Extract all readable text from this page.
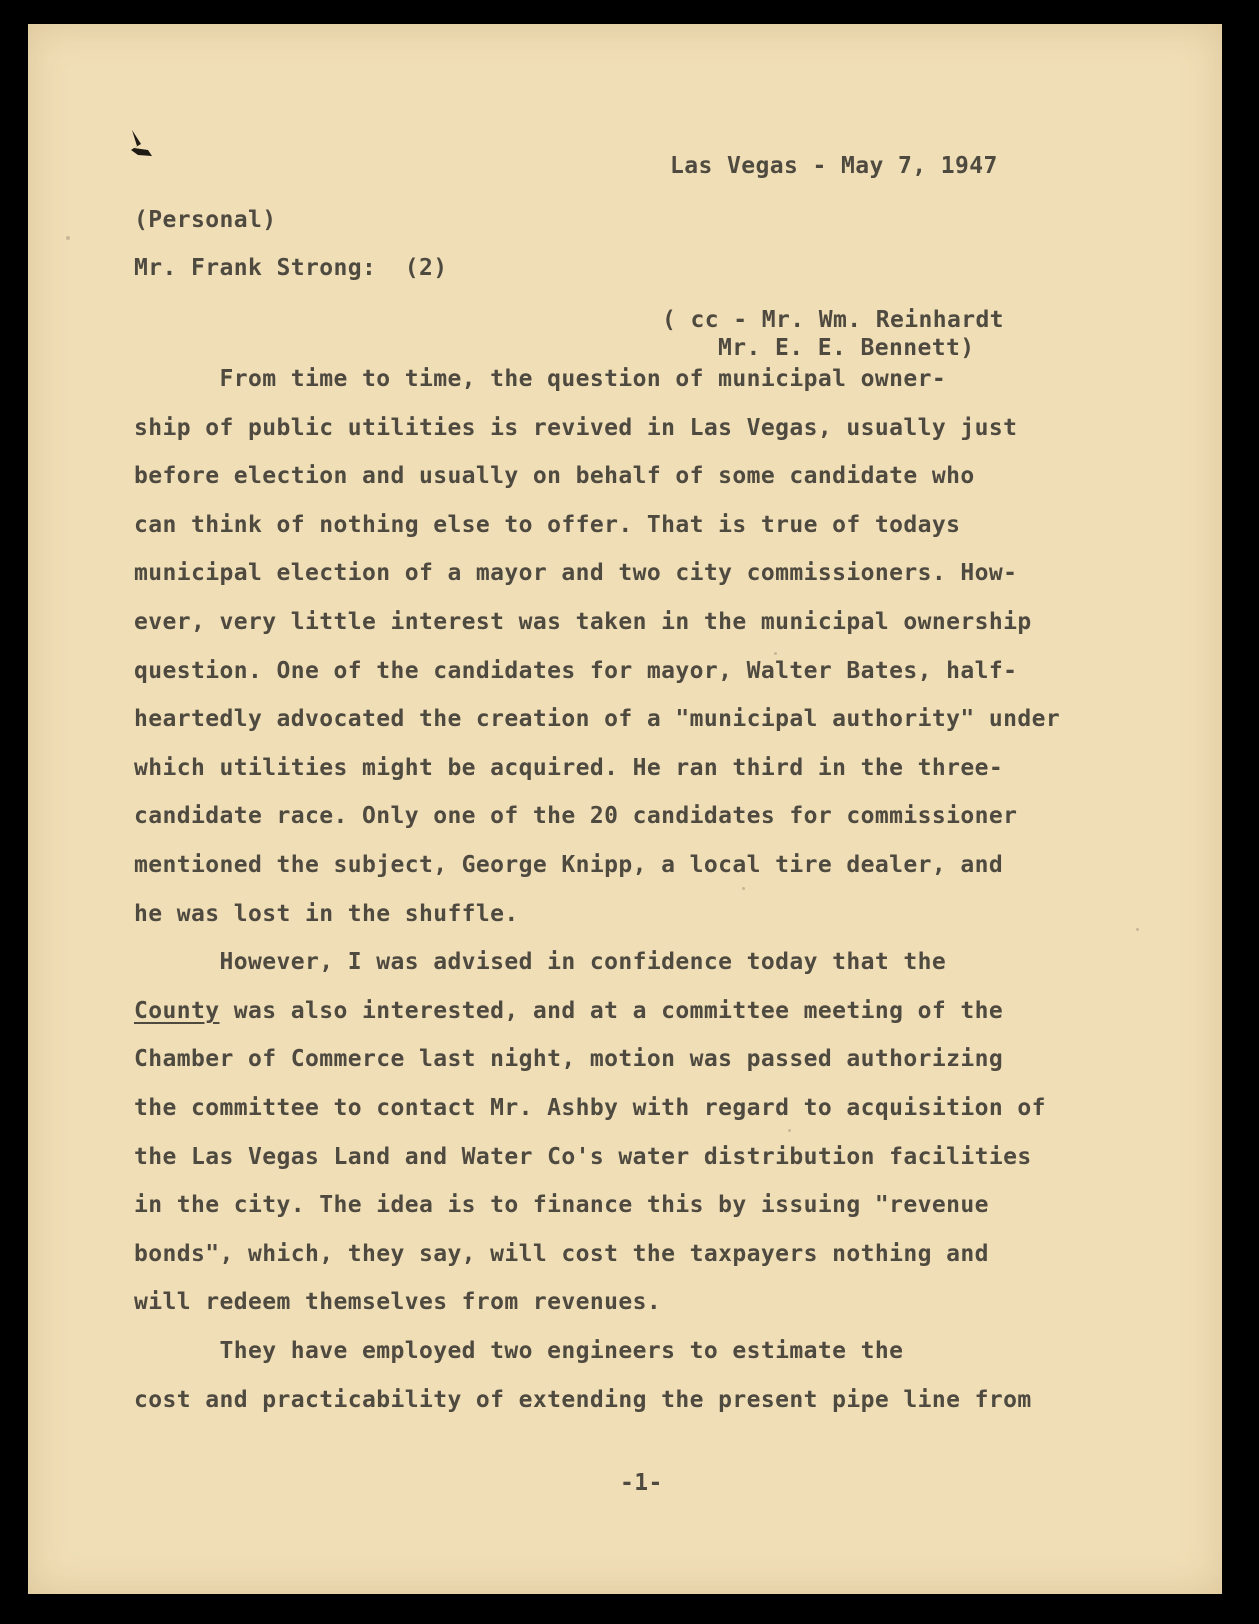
Las Vegas - May 7, 1947
(Personal)
Mr. Frank Strong:  (2)
( cc - Mr. Wm. Reinhardt
Mr. E. E. Bennett)
From time to time, the question of municipal owner-
ship of public utilities is revived in Las Vegas, usually just
before election and usually on behalf of some candidate who
can think of nothing else to offer. That is true of todays
municipal election of a mayor and two city commissioners. How-
ever, very little interest was taken in the municipal ownership
question. One of the candidates for mayor, Walter Bates, half-
heartedly advocated the creation of a "municipal authority" under
which utilities might be acquired. He ran third in the three-
candidate race. Only one of the 20 candidates for commissioner
mentioned the subject, George Knipp, a local tire dealer, and
he was lost in the shuffle.
However, I was advised in confidence today that the
County was also interested, and at a committee meeting of the
Chamber of Commerce last night, motion was passed authorizing
the committee to contact Mr. Ashby with regard to acquisition of
the Las Vegas Land and Water Co's water distribution facilities
in the city. The idea is to finance this by issuing "revenue
bonds", which, they say, will cost the taxpayers nothing and
will redeem themselves from revenues.
They have employed two engineers to estimate the
cost and practicability of extending the present pipe line from
-1-
